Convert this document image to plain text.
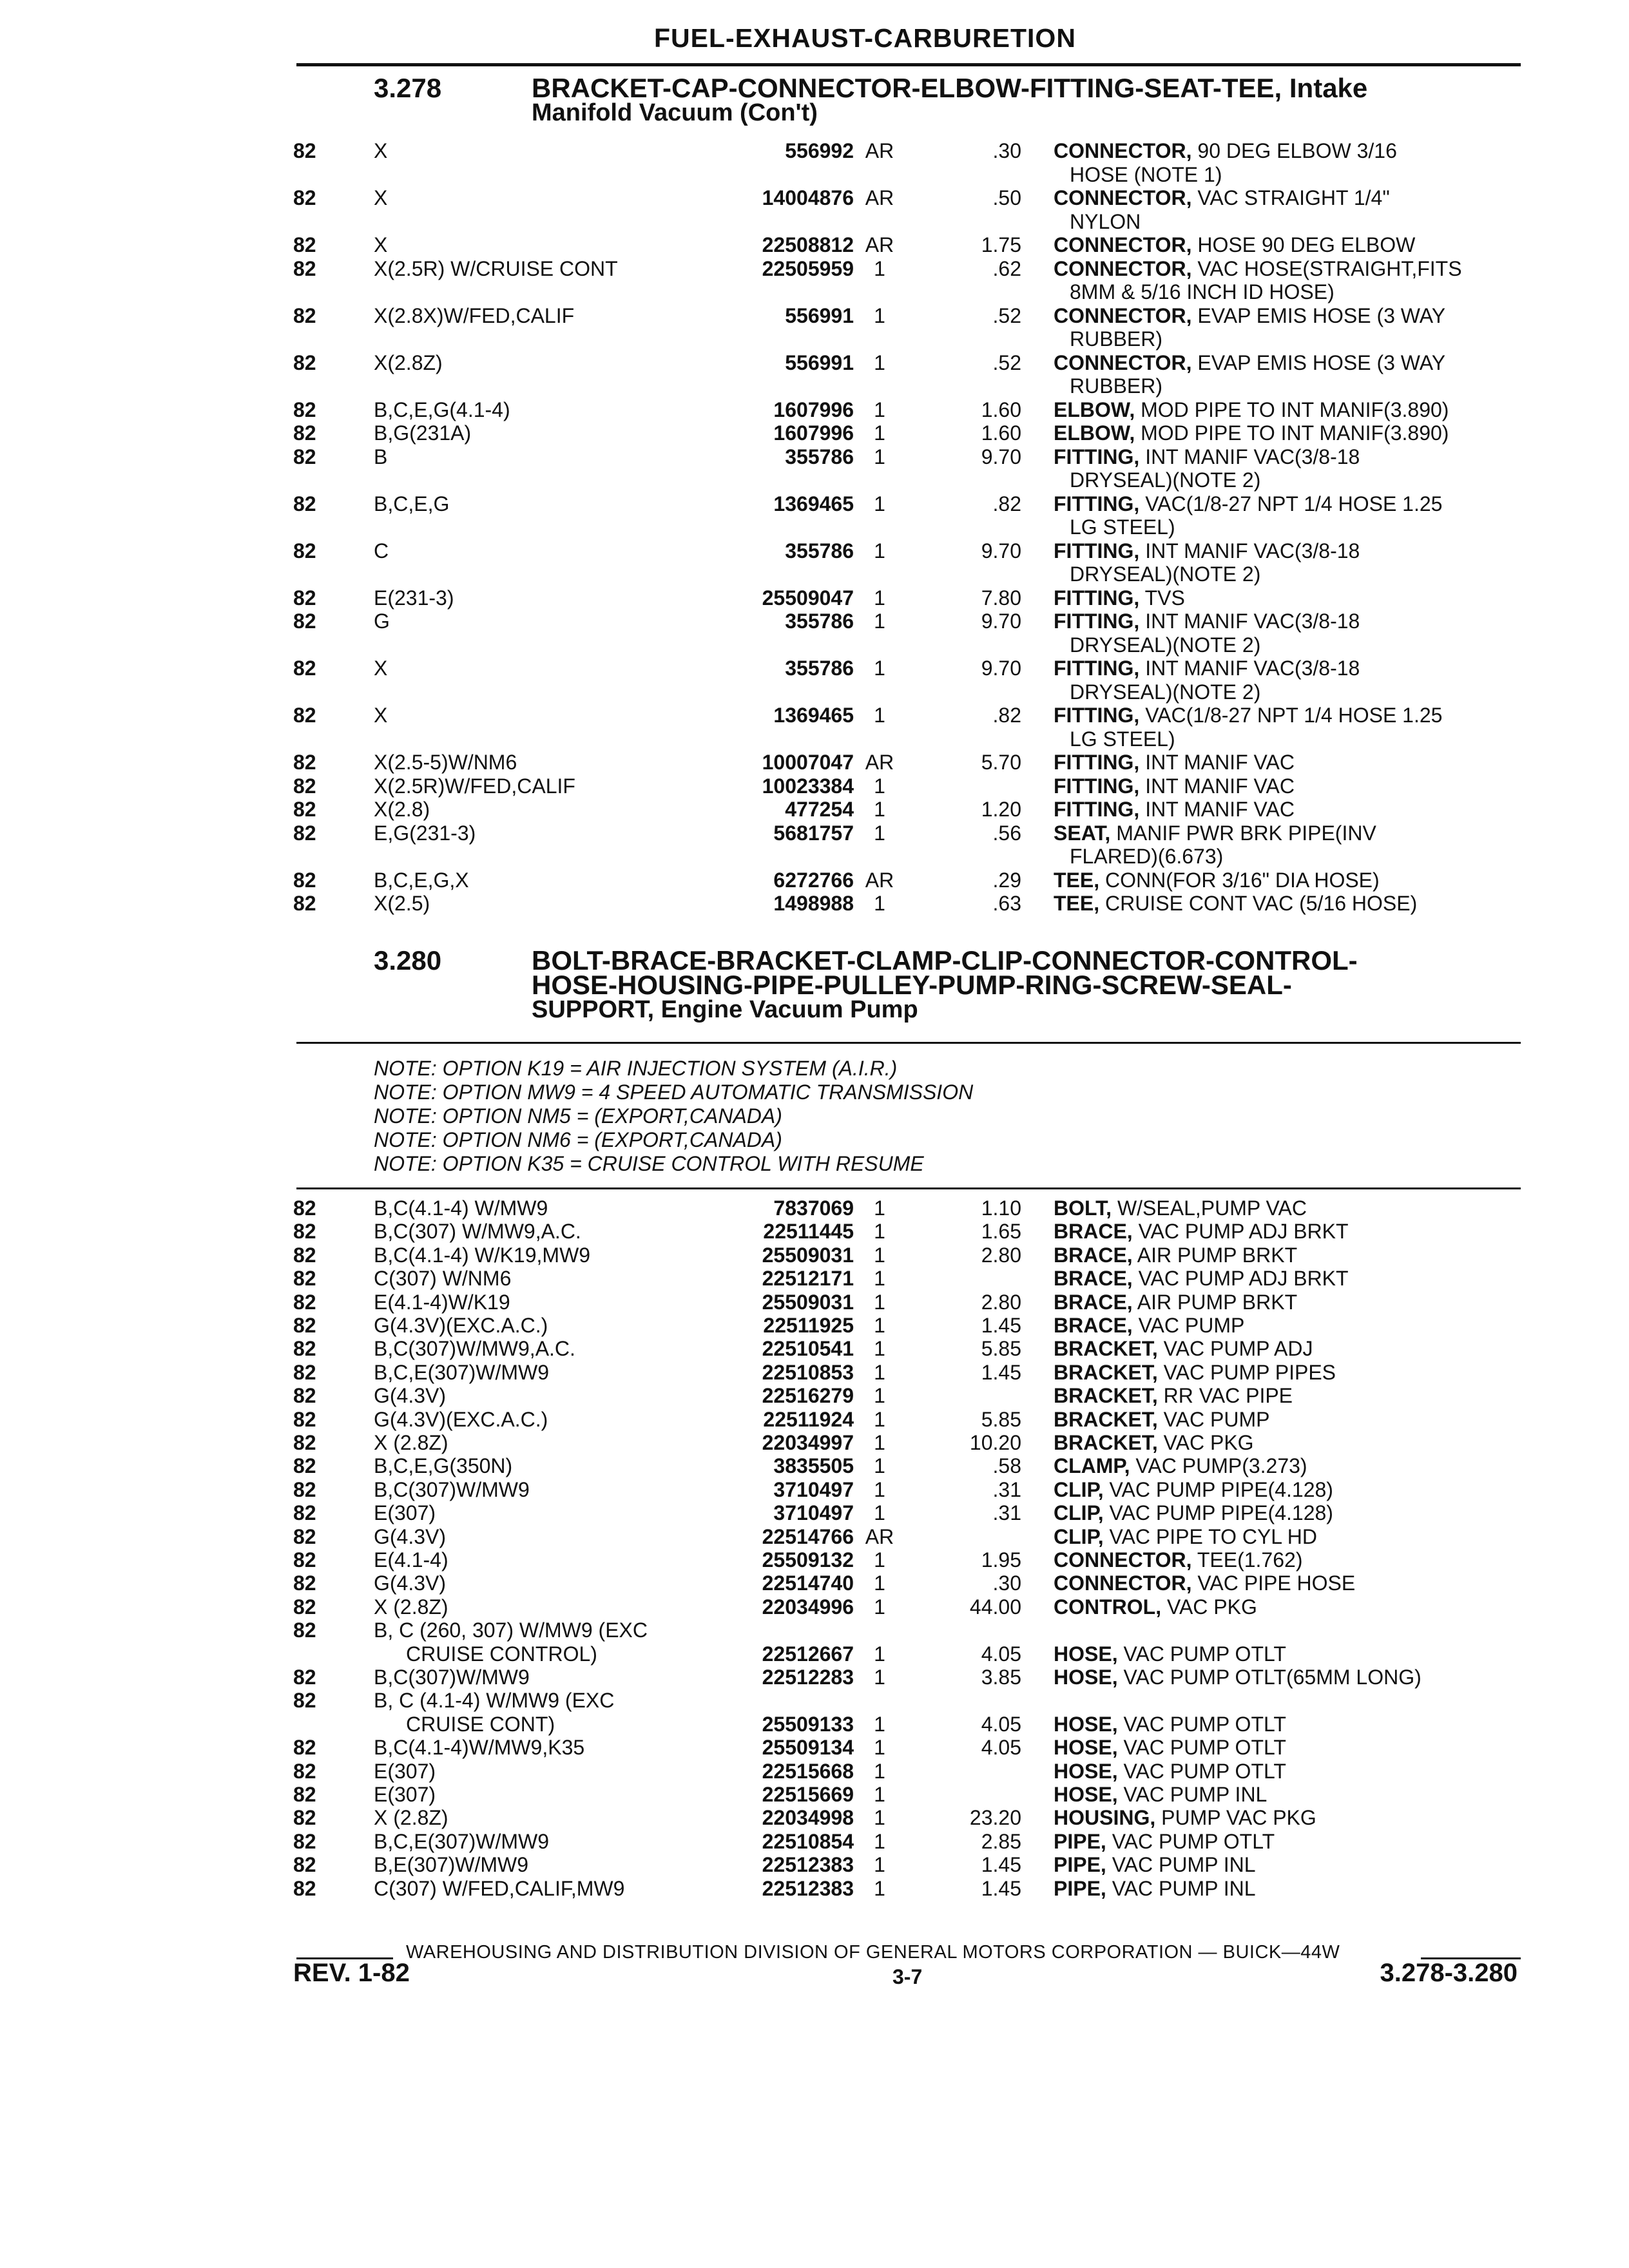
FUEL-EXHAUST-CARBURETION
3.278	BRACKET-CAP-CONNECTOR-ELBOW-FITTING-SEAT-TEE, Intake
Manifold Vacuum (Con't)
82	X	556992 AR	.30 CONNECTOR, 90 DEG ELBOW 3/16
HOSE (NOTE 1)
82	X	14004876 AR	.50 CONNECTOR, VAC STRAIGHT 1/4"
NYLON
82	X	22508812 AR	1.75 CONNECTOR, HOSE 90 DEG ELBOW
82	X(2.5R) W/CRUISE CONT	22505959 1	.62 CONNECTOR, VAC HOSE(STRAIGHT,FITS
8MM & 5/16 INCH ID HOSE)
82	X(2.8X)W/FED,CALIF	556991 1	.52 CONNECTOR, EVAP EMIS HOSE (3 WAY
RUBBER)
82	X(2.8Z)	556991 1	.52 CONNECTOR, EVAP EMIS HOSE (3 WAY
RUBBER)
82	B,C,E,G(4.1-4)	1607996 1	1.60 ELBOW, MOD PIPE TO INT MANIF(3.890)
82	B,G(231A)	1607996 1	1.60 ELBOW, MOD PIPE TO INT MANIF(3.890)
82	B	355786 1	9.70 FITTING, INT MANIF VAC(3/8-18
DRYSEAL)(NOTE 2)
82	B,C,E,G	1369465 1	.82 FITTING, VAC(1/8-27 NPT 1/4 HOSE 1.25
LG STEEL)
82	C	355786 1	9.70 FITTING, INT MANIF VAC(3/8-18
DRYSEAL)(NOTE 2)
82	E(231-3)	25509047 1	7.80 FITTING, TVS
82	G	355786 1	9.70 FITTING, INT MANIF VAC(3/8-18
DRYSEAL)(NOTE 2)
82	X	355786 1	9.70 FITTING, INT MANIF VAC(3/8-18
DRYSEAL)(NOTE 2)
82	X	1369465 1	.82 FITTING, VAC(1/8-27 NPT 1/4 HOSE 1.25
LG STEEL)
82	X(2.5-5)W/NM6	10007047 AR	5.70 FITTING, INT MANIF VAC
82	X(2.5R)W/FED,CALIF	10023384 1	FITTING, INT MANIF VAC
82	X(2.8)	477254 1	1.20 FITTING, INT MANIF VAC
82	E,G(231-3)	5681757 1	.56 SEAT, MANIF PWR BRK PIPE(INV
FLARED)(6.673)
82	B,C,E,G,X	6272766 AR	.29 TEE, CONN(FOR 3/16" DIA HOSE)
82	X(2.5)	1498988 1	.63 TEE, CRUISE CONT VAC (5/16 HOSE)
3.280	BOLT-BRACE-BRACKET-CLAMP-CLIP-CONNECTOR-CONTROL-
HOSE-HOUSING-PIPE-PULLEY-PUMP-RING-SCREW-SEAL-
SUPPORT, Engine Vacuum Pump
NOTE: OPTION K19 = AIR INJECTION SYSTEM (A.I.R.)
NOTE: OPTION MW9 = 4 SPEED AUTOMATIC TRANSMISSION
NOTE: OPTION NM5 = (EXPORT,CANADA)
NOTE: OPTION NM6 = (EXPORT,CANADA)
NOTE: OPTION K35 = CRUISE CONTROL WITH RESUME
82	B,C(4.1-4) W/MW9	7837069 1	1.10 BOLT, W/SEAL,PUMP VAC
82	B,C(307) W/MW9,A.C.	22511445 1	1.65 BRACE, VAC PUMP ADJ BRKT
82	B,C(4.1-4) W/K19,MW9	25509031 1	2.80 BRACE, AIR PUMP BRKT
82	C(307) W/NM6	22512171 1	BRACE, VAC PUMP ADJ BRKT
82	E(4.1-4)W/K19	25509031 1	2.80 BRACE, AIR PUMP BRKT
82	G(4.3V)(EXC.A.C.)	22511925 1	1.45 BRACE, VAC PUMP
82	B,C(307)W/MW9,A.C.	22510541 1	5.85 BRACKET, VAC PUMP ADJ
82	B,C,E(307)W/MW9	22510853 1	1.45 BRACKET, VAC PUMP PIPES
82	G(4.3V)	22516279 1	BRACKET, RR VAC PIPE
82	G(4.3V)(EXC.A.C.)	22511924 1	5.85 BRACKET, VAC PUMP
82	X (2.8Z)	22034997 1	10.20 BRACKET, VAC PKG
82	B,C,E,G(350N)	3835505 1	.58 CLAMP, VAC PUMP(3.273)
82	B,C(307)W/MW9	3710497 1	.31 CLIP, VAC PUMP PIPE(4.128)
82	E(307)	3710497 1	.31 CLIP, VAC PUMP PIPE(4.128)
82	G(4.3V)	22514766 AR	CLIP, VAC PIPE TO CYL HD
82	E(4.1-4)	25509132 1	1.95 CONNECTOR, TEE(1.762)
82	G(4.3V)	22514740 1	.30 CONNECTOR, VAC PIPE HOSE
82	X (2.8Z)	22034996 1	44.00 CONTROL, VAC PKG
82	B, C (260, 307) W/MW9 (EXC
CRUISE CONTROL)	22512667 1	4.05 HOSE, VAC PUMP OTLT
82	B,C(307)W/MW9	22512283 1	3.85 HOSE, VAC PUMP OTLT(65MM LONG)
82	B, C (4.1-4) W/MW9 (EXC
CRUISE CONT)	25509133 1	4.05 HOSE, VAC PUMP OTLT
82	B,C(4.1-4)W/MW9,K35	25509134 1	4.05 HOSE, VAC PUMP OTLT
82	E(307)	22515668 1	HOSE, VAC PUMP OTLT
82	E(307)	22515669 1	HOSE, VAC PUMP INL
82	X (2.8Z)	22034998 1	23.20 HOUSING, PUMP VAC PKG
82	B,C,E(307)W/MW9	22510854 1	2.85 PIPE, VAC PUMP OTLT
82	B,E(307)W/MW9	22512383 1	1.45 PIPE, VAC PUMP INL
82	C(307) W/FED,CALIF,MW9	22512383 1	1.45 PIPE, VAC PUMP INL
WAREHOUSING AND DISTRIBUTION DIVISION OF GENERAL MOTORS CORPORATION — BUICK—44W
REV. 1-82	3-7	3.278-3.280
